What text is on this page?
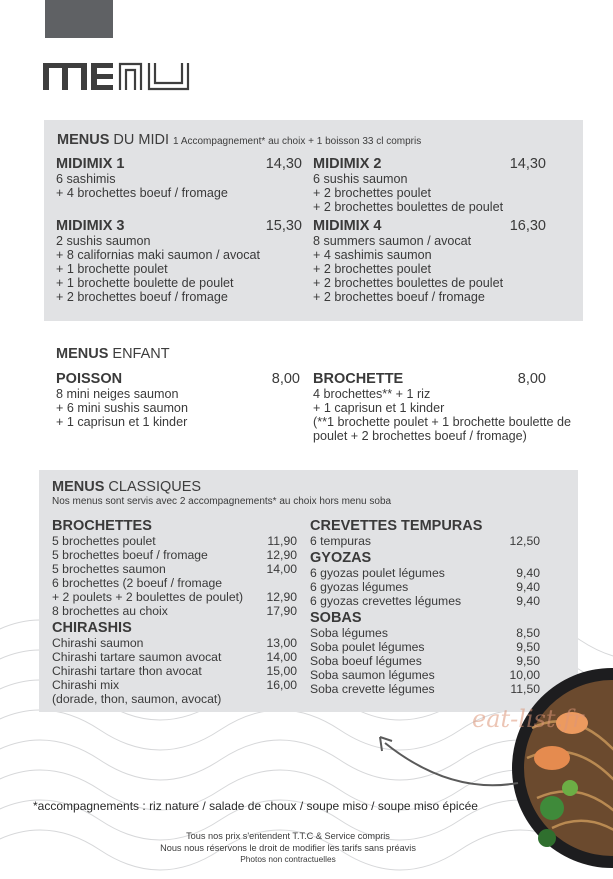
MENUS DU MIDI 1 Accompagnement* au choix + 1 boisson 33 cl compris
MIDIMIX 1	14,30
6 sashimis
+ 4 brochettes boeuf / fromage
MIDIMIX 2	14,30
6 sushis saumon
+ 2 brochettes poulet
+ 2 brochettes boulettes de poulet
MIDIMIX 3	15,30
2 sushis saumon
+ 8 californias maki saumon / avocat
+ 1 brochette poulet
+ 1 brochette boulette de poulet
+ 2 brochettes boeuf / fromage
MIDIMIX 4	16,30
8 summers saumon / avocat
+ 4 sashimis saumon
+ 2 brochettes poulet
+ 2 brochettes boulettes de poulet
+ 2 brochettes boeuf / fromage
MENUS ENFANT
POISSON	8,00
8 mini neiges saumon
+ 6 mini sushis saumon
+ 1 caprisun et 1 kinder
BROCHETTE	8,00
4 brochettes** + 1 riz
+ 1 caprisun et 1 kinder
(**1 brochette poulet + 1 brochette boulette de poulet + 2 brochettes boeuf / fromage)
MENUS CLASSIQUES
Nos menus sont servis avec 2 accompagnements* au choix hors menu soba
BROCHETTES
5 brochettes poulet	11,90
5 brochettes boeuf / fromage	12,90
5 brochettes saumon	14,00
6 brochettes (2 boeuf / fromage
+ 2 poulets + 2 boulettes de poulet) 12,90
8 brochettes au choix	17,90
CHIRASHIS
Chirashi saumon	13,00
Chirashi tartare saumon avocat	14,00
Chirashi tartare thon avocat	15,00
Chirashi mix	16,00
(dorade, thon, saumon, avocat)
CREVETTES TEMPURAS
6 tempuras	12,50
GYOZAS
6 gyozas poulet légumes	9,40
6 gyozas légumes	9,40
6 gyozas crevettes légumes	9,40
SOBAS
Soba légumes	8,50
Soba poulet légumes	9,50
Soba boeuf légumes	9,50
Soba saumon légumes	10,00
Soba crevette légumes	11,50
eat-list.fr
*accompagnements : riz nature / salade de choux / soupe miso / soupe miso épicée
Tous nos prix s'entendent T.T.C & Service compris
Nous nous réservons le droit de modifier les tarifs sans préavis
Photos non contractuelles
